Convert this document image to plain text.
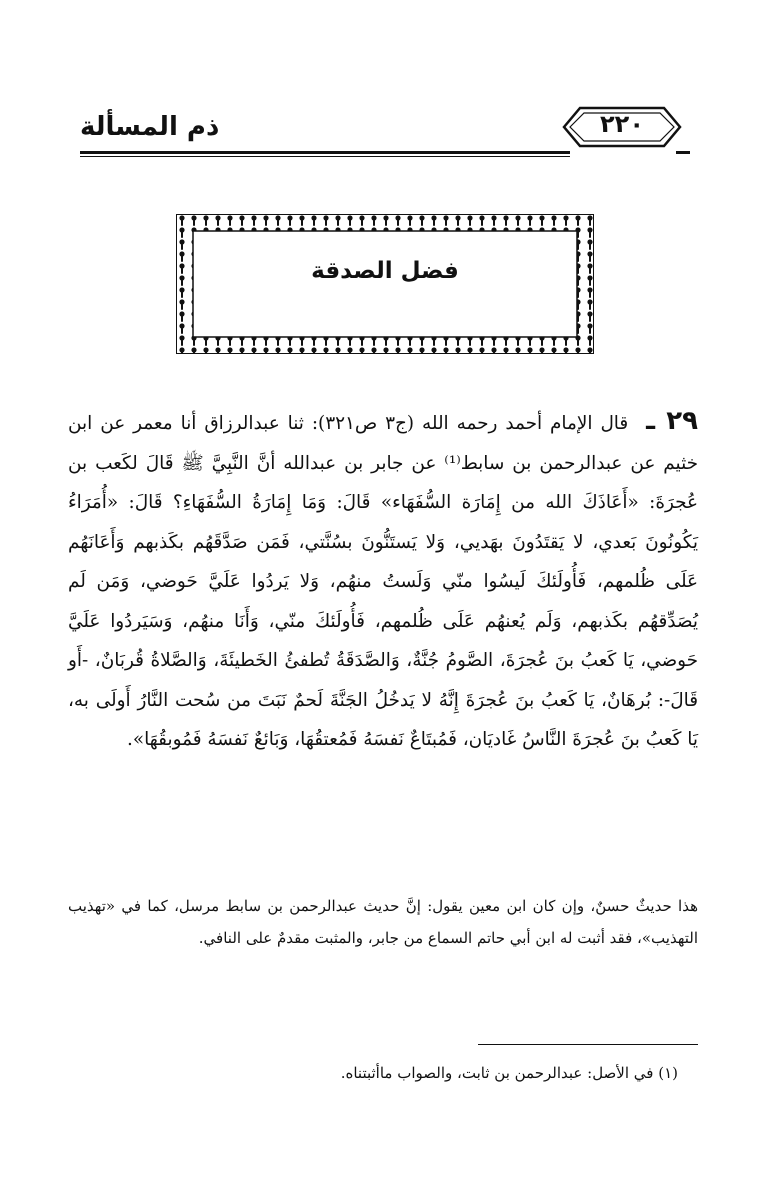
ذم المسألة	٢٢٠
فضل الصدقة
٢٩ ـ قال الإمام أحمد رحمه الله (ج٣ ص٣٢١): ثنا عبدالرزاق أنا معمر عن ابن خثيم عن عبدالرحمن بن سابط⁽¹⁾ عن جابر بن عبدالله أنَّ النَّبِيَّ ﷺ قَالَ لكَعب بن عُجرَةَ: «أَعَاذَكَ الله من إِمَارَة السُّفَهَاء» قَالَ: وَمَا إِمَارَةُ السُّفَهَاءِ؟ قَالَ: «أُمَرَاءُ يَكُونُونَ بَعدي، لا يَقتَدُونَ بهَديي، وَلا يَستَنُّونَ بسُنَّتي، فَمَن صَدَّقَهُم بكَذبهم وَأَعَانَهُم عَلَى ظُلمهم، فَأُولَئكَ لَيسُوا منّي وَلَستُ منهُم، وَلا يَردُوا عَلَيَّ حَوضي، وَمَن لَم يُصَدِّقهُم بكَذبهم، وَلَم يُعنهُم عَلَى ظُلمهم، فَأُولَئكَ منّي، وَأَنَا منهُم، وَسَيَردُوا عَلَيَّ حَوضي، يَا كَعبُ بنَ عُجرَةَ، الصَّومُ جُنَّةٌ، وَالصَّدَقَةُ تُطفئُ الخَطيئَةَ، وَالصَّلاةُ قُربَانٌ، -أَو قَالَ-: بُرهَانٌ، يَا كَعبُ بنَ عُجرَةَ إِنَّهُ لا يَدخُلُ الجَنَّةَ لَحمٌ نَبَتَ من سُحت النَّارُ أَولَى به، يَا كَعبُ بنَ عُجرَةَ النَّاسُ غَاديَان، فَمُبتَاعٌ نَفسَهُ فَمُعتقُهَا، وَبَائعٌ نَفسَهُ فَمُوبقُهَا».
هذا حديثٌ حسنٌ، وإن كان ابن معين يقول: إنَّ حديث عبدالرحمن بن سابط مرسل، كما في «تهذيب التهذيب»، فقد أثبت له ابن أبي حاتم السماع من جابر، والمثبت مقدمٌ على النافي.
(١) في الأصل: عبدالرحمن بن ثابت، والصواب ماأثبتناه.
